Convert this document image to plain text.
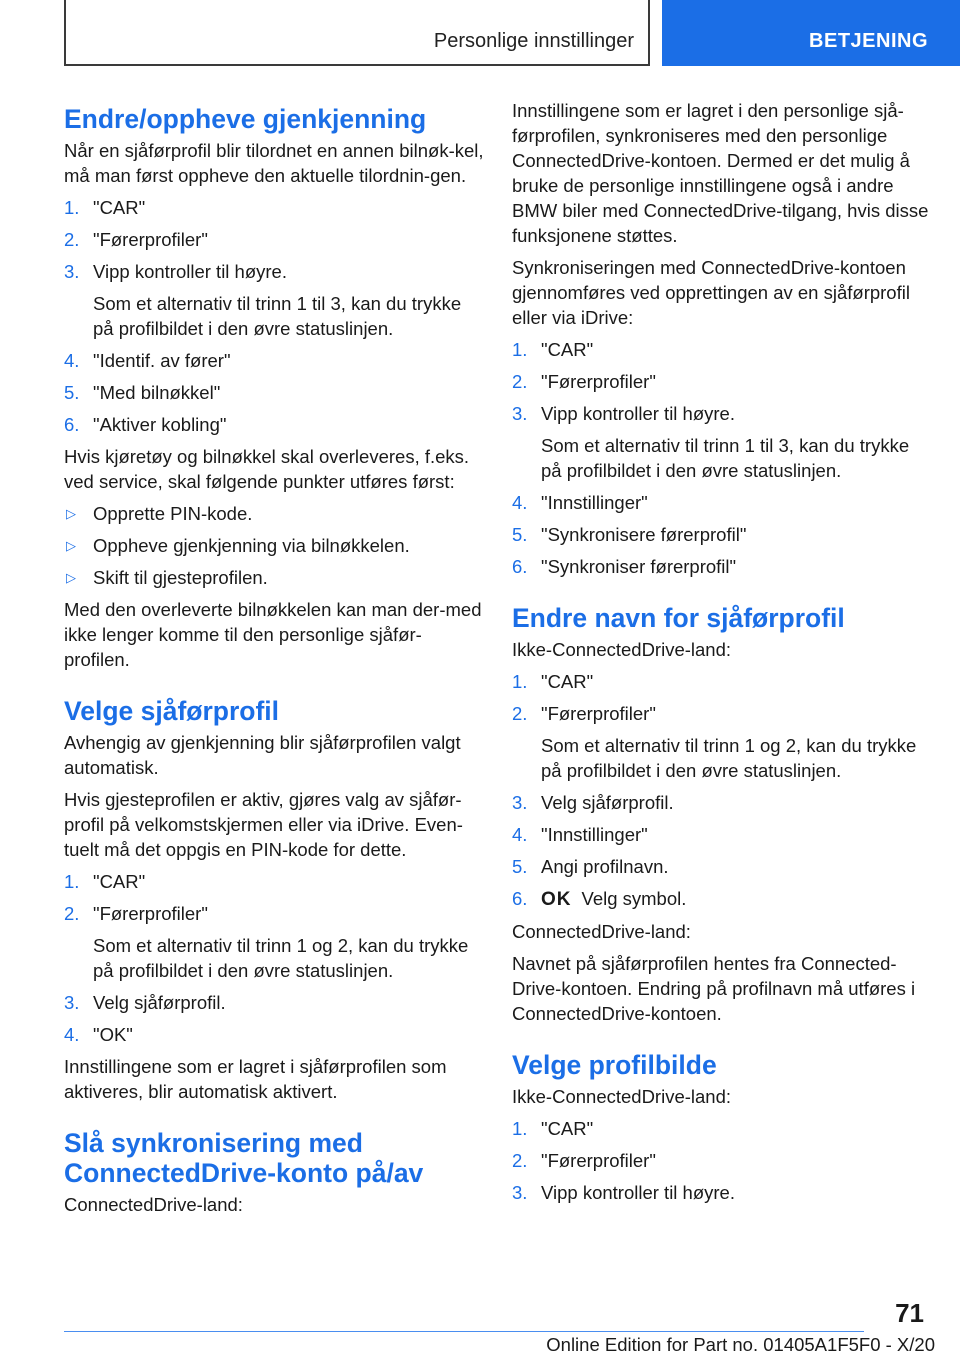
Personlige innstillinger	BETJENING
Endre/oppheve gjenkjenning

Når en sjåførprofil blir tilordnet en annen bilnøk-kel, må man først oppheve den aktuelle tilordnin-gen.

1. "CAR"
2. "Førerprofiler"
3. Vipp kontroller til høyre.
Som et alternativ til trinn 1 til 3, kan du trykke på profilbildet i den øvre statuslinjen.
4. "Identif. av fører"
5. "Med bilnøkkel"
6. "Aktiver kobling"

Hvis kjøretøy og bilnøkkel skal overleveres, f.eks. ved service, skal følgende punkter utføres først:

▷ Opprette PIN-kode.
▷ Oppheve gjenkjenning via bilnøkkelen.
▷ Skift til gjesteprofilen.

Med den overleverte bilnøkkelen kan man der-med ikke lenger komme til den personlige sjåfør-profilen.

Velge sjåførprofil

Avhengig av gjenkjenning blir sjåførprofilen valgt automatisk.

Hvis gjesteprofilen er aktiv, gjøres valg av sjåfør-profil på velkomstskjermen eller via iDrive. Even-tuelt må det oppgis en PIN-kode for dette.

1. "CAR"
2. "Førerprofiler"
Som et alternativ til trinn 1 og 2, kan du trykke på profilbildet i den øvre statuslinjen.
3. Velg sjåførprofil.
4. "OK"

Innstillingene som er lagret i sjåførprofilen som aktiveres, blir automatisk aktivert.

Slå synkronisering med ConnectedDrive-konto på/av

ConnectedDrive-land:

Innstillingene som er lagret i den personlige sjå-førprofilen, synkroniseres med den personlige ConnectedDrive-kontoen. Dermed er det mulig å bruke de personlige innstillingene også i andre BMW biler med ConnectedDrive-tilgang, hvis disse funksjonene støttes.

Synkroniseringen med ConnectedDrive-kontoen gjennomføres ved opprettingen av en sjåførprofil eller via iDrive:

1. "CAR"
2. "Førerprofiler"
3. Vipp kontroller til høyre.
Som et alternativ til trinn 1 til 3, kan du trykke på profilbildet i den øvre statuslinjen.
4. "Innstillinger"
5. "Synkronisere førerprofil"
6. "Synkroniser førerprofil"
Endre navn for sjåførprofil

Ikke-ConnectedDrive-land:

1. "CAR"
2. "Førerprofiler"
Som et alternativ til trinn 1 og 2, kan du trykke på profilbildet i den øvre statuslinjen.
3. Velg sjåførprofil.
4. "Innstillinger"
5. Angi profilnavn.
6. OK Velg symbol.

ConnectedDrive-land:

Navnet på sjåførprofilen hentes fra Connected-Drive-kontoen. Endring på profilnavn må utføres i ConnectedDrive-kontoen.

Velge profilbilde

Ikke-ConnectedDrive-land:

1. "CAR"
2. "Førerprofiler"
3. Vipp kontroller til høyre.
71
Online Edition for Part no. 01405A1F5F0 - X/20
